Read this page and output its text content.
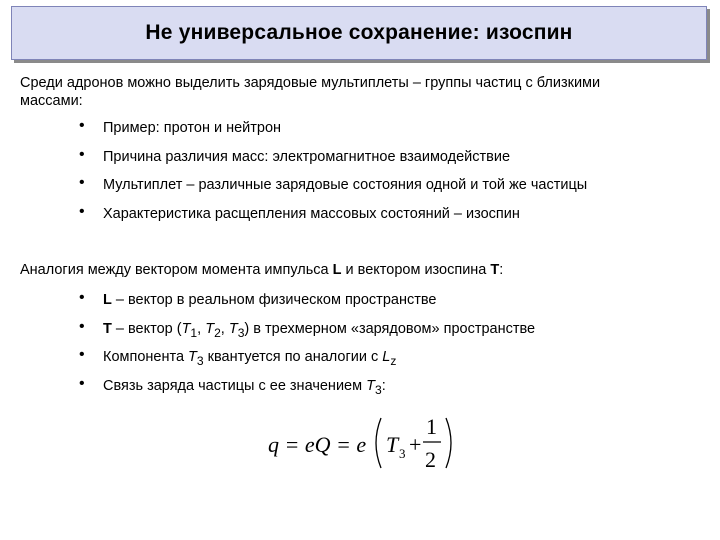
Не универсальное сохранение: изоспин
Среди адронов можно выделить зарядовые мультиплеты – группы частиц с близкими
массами:
• Пример: протон и нейтрон
• Причина различия масс: электромагнитное взаимодействие
• Мультиплет – различные зарядовые состояния одной и той же частицы
• Характеристика расщепления массовых состояний – изоспин
Аналогия между вектором момента импульса L и вектором изоспина T:
• L – вектор в реальном физическом пространстве
• T – вектор ($T_1$, $T_2$, $T_3$) в трехмерном «зарядовом» пространстве
• Компонента $T_3$ квантуется по аналогии с $L_z$
• Связь заряда частицы с ее значением $T_3$:
q = eQ = e T 3 +
1
2
